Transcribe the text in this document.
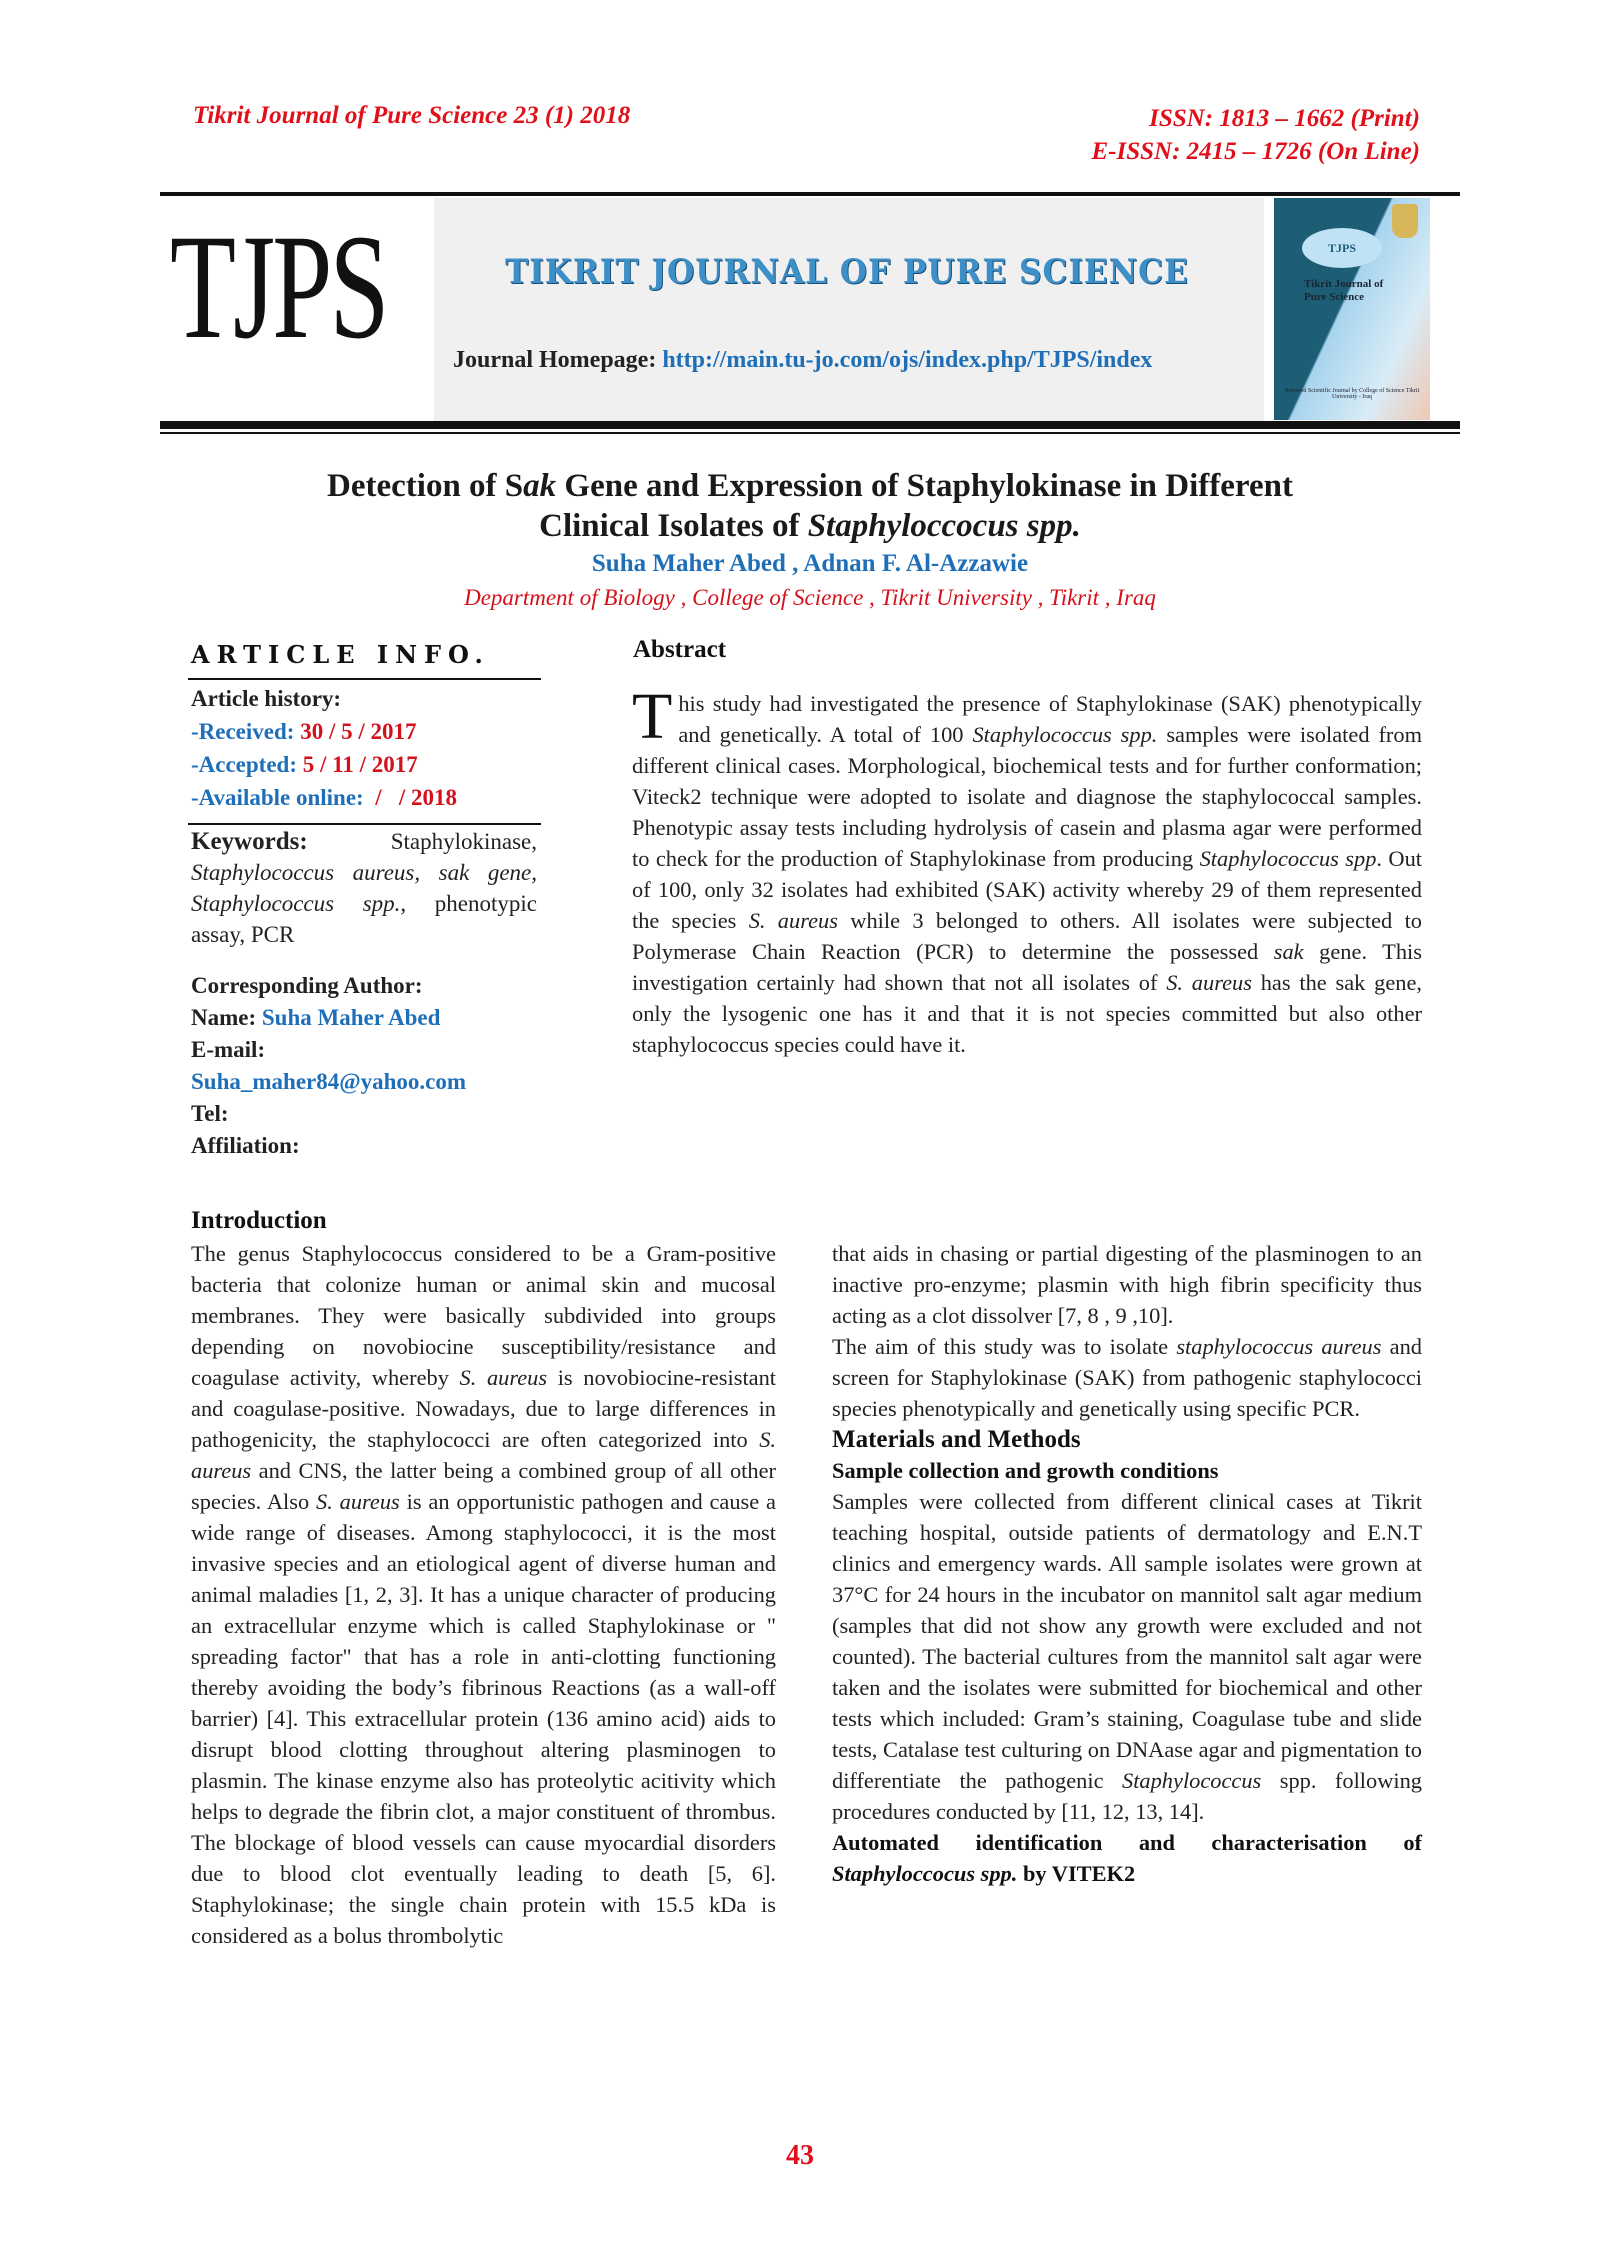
Tikrit Journal of Pure Science 23 (1) 2018	ISSN: 1813 – 1662 (Print)
E-ISSN: 2415 – 1726 (On Line)
TJPS	TIKRIT JOURNAL OF PURE SCIENCE
Journal Homepage: http://main.tu-jo.com/ojs/index.php/TJPS/index
TJPS
Tikrit Journal of
Pure Science
Refereed Scientific Journal by College of Science Tikrit University - Iraq
Detection of Sak Gene and Expression of Staphylokinase in Different
Clinical Isolates of Staphyloccocus spp.
Suha Maher Abed , Adnan F. Al-Azzawie
Department of Biology , College of Science , Tikrit University , Tikrit , Iraq
ARTICLE INFO.
Article history:
-Received: 30 / 5 / 2017
-Accepted: 5 / 11 / 2017
-Available online:  /   / 2018
Keywords:	Staphylokinase, Staphylococcus aureus, sak gene, Staphylococcus spp., phenotypic assay, PCR
Corresponding Author:
Name: Suha Maher Abed
E-mail:
Suha_maher84@yahoo.com
Tel:
Affiliation:
Abstract
This study had investigated the presence of Staphylokinase (SAK) phenotypically and genetically. A total of 100 Staphylococcus spp. samples were isolated from different clinical cases. Morphological, biochemical tests and for further conformation; Viteck2 technique were adopted to isolate and diagnose the staphylococcal samples. Phenotypic assay tests including hydrolysis of casein and plasma agar were performed to check for the production of Staphylokinase from producing Staphylococcus spp. Out of 100, only 32 isolates had exhibited (SAK) activity whereby 29 of them represented the species S. aureus while 3 belonged to others. All isolates were subjected to Polymerase Chain Reaction (PCR) to determine the possessed sak gene. This investigation certainly had shown that not all isolates of S. aureus has the sak gene, only the lysogenic one has it and that it is not species committed but also other staphylococcus species could have it.
Introduction
The genus Staphylococcus considered to be a Gram-positive bacteria that colonize human or animal skin and mucosal membranes. They were basically subdivided into groups depending on novobiocine susceptibility/resistance and coagulase activity, whereby S. aureus is novobiocine-resistant and coagulase-positive. Nowadays, due to large differences in pathogenicity, the staphylococci are often categorized into S. aureus and CNS, the latter being a combined group of all other species. Also S. aureus is an opportunistic pathogen and cause a wide range of diseases. Among staphylococci, it is the most invasive species and an etiological agent of diverse human and animal maladies [1, 2, 3]. It has a unique character of producing an extracellular enzyme which is called Staphylokinase or " spreading factor" that has a role in anti-clotting functioning thereby avoiding the body’s fibrinous Reactions (as a wall-off barrier) [4]. This extracellular protein (136 amino acid) aids to disrupt blood clotting throughout altering plasminogen to plasmin. The kinase enzyme also has proteolytic acitivity which helps to degrade the fibrin clot, a major constituent of thrombus. The blockage of blood vessels can cause myocardial disorders due to blood clot eventually leading to death [5, 6]. Staphylokinase; the single chain protein with 15.5 kDa is considered as a bolus thrombolytic
that aids in chasing or partial digesting of the plasminogen to an inactive pro-enzyme; plasmin with high fibrin specificity thus acting as a clot dissolver [7, 8 , 9 ,10].
The aim of this study was to isolate staphylococcus aureus and screen for Staphylokinase (SAK) from pathogenic staphylococci species phenotypically and genetically using specific PCR.
Materials and Methods
Sample collection and growth conditions
Samples were collected from different clinical cases at Tikrit teaching hospital, outside patients of dermatology and E.N.T clinics and emergency wards. All sample isolates were grown at 37°C for 24 hours in the incubator on mannitol salt agar medium (samples that did not show any growth were excluded and not counted). The bacterial cultures from the mannitol salt agar were taken and the isolates were submitted for biochemical and other tests which included: Gram’s staining, Coagulase tube and slide tests, Catalase test culturing on DNAase agar and pigmentation to differentiate the pathogenic Staphylococcus spp. following procedures conducted by [11, 12, 13, 14].
Automated identification and characterisation of Staphyloccocus spp. by VITEK2
43
